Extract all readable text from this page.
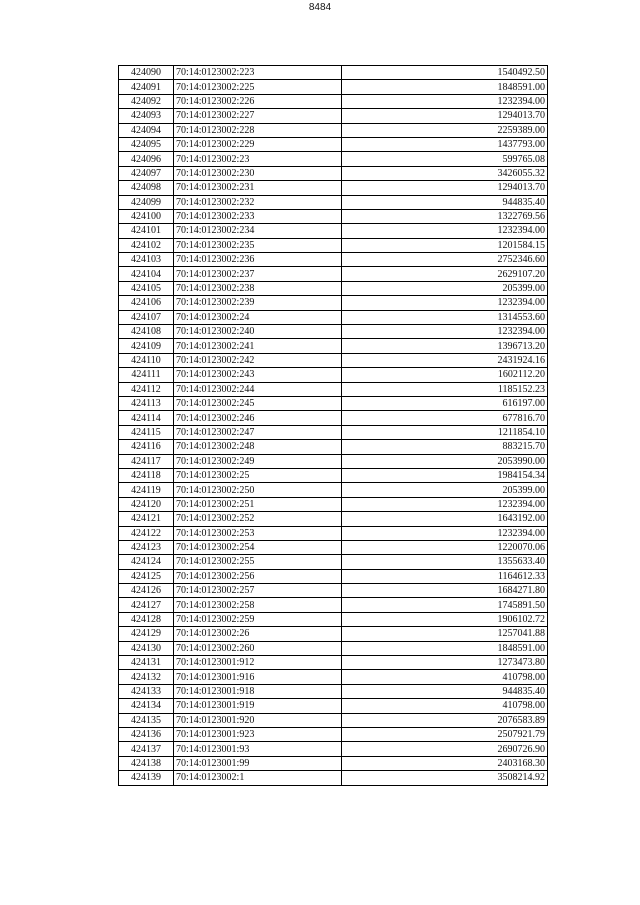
8484
424090	70:14:0123002:223	1540492.50
424091	70:14:0123002:225	1848591.00
424092	70:14:0123002:226	1232394.00
424093	70:14:0123002:227	1294013.70
424094	70:14:0123002:228	2259389.00
424095	70:14:0123002:229	1437793.00
424096	70:14:0123002:23	599765.08
424097	70:14:0123002:230	3426055.32
424098	70:14:0123002:231	1294013.70
424099	70:14:0123002:232	944835.40
424100	70:14:0123002:233	1322769.56
424101	70:14:0123002:234	1232394.00
424102	70:14:0123002:235	1201584.15
424103	70:14:0123002:236	2752346.60
424104	70:14:0123002:237	2629107.20
424105	70:14:0123002:238	205399.00
424106	70:14:0123002:239	1232394.00
424107	70:14:0123002:24	1314553.60
424108	70:14:0123002:240	1232394.00
424109	70:14:0123002:241	1396713.20
424110	70:14:0123002:242	2431924.16
424111	70:14:0123002:243	1602112.20
424112	70:14:0123002:244	1185152.23
424113	70:14:0123002:245	616197.00
424114	70:14:0123002:246	677816.70
424115	70:14:0123002:247	1211854.10
424116	70:14:0123002:248	883215.70
424117	70:14:0123002:249	2053990.00
424118	70:14:0123002:25	1984154.34
424119	70:14:0123002:250	205399.00
424120	70:14:0123002:251	1232394.00
424121	70:14:0123002:252	1643192.00
424122	70:14:0123002:253	1232394.00
424123	70:14:0123002:254	1220070.06
424124	70:14:0123002:255	1355633.40
424125	70:14:0123002:256	1164612.33
424126	70:14:0123002:257	1684271.80
424127	70:14:0123002:258	1745891.50
424128	70:14:0123002:259	1906102.72
424129	70:14:0123002:26	1257041.88
424130	70:14:0123002:260	1848591.00
424131	70:14:0123001:912	1273473.80
424132	70:14:0123001:916	410798.00
424133	70:14:0123001:918	944835.40
424134	70:14:0123001:919	410798.00
424135	70:14:0123001:920	2076583.89
424136	70:14:0123001:923	2507921.79
424137	70:14:0123001:93	2690726.90
424138	70:14:0123001:99	2403168.30
424139	70:14:0123002:1	3508214.92
